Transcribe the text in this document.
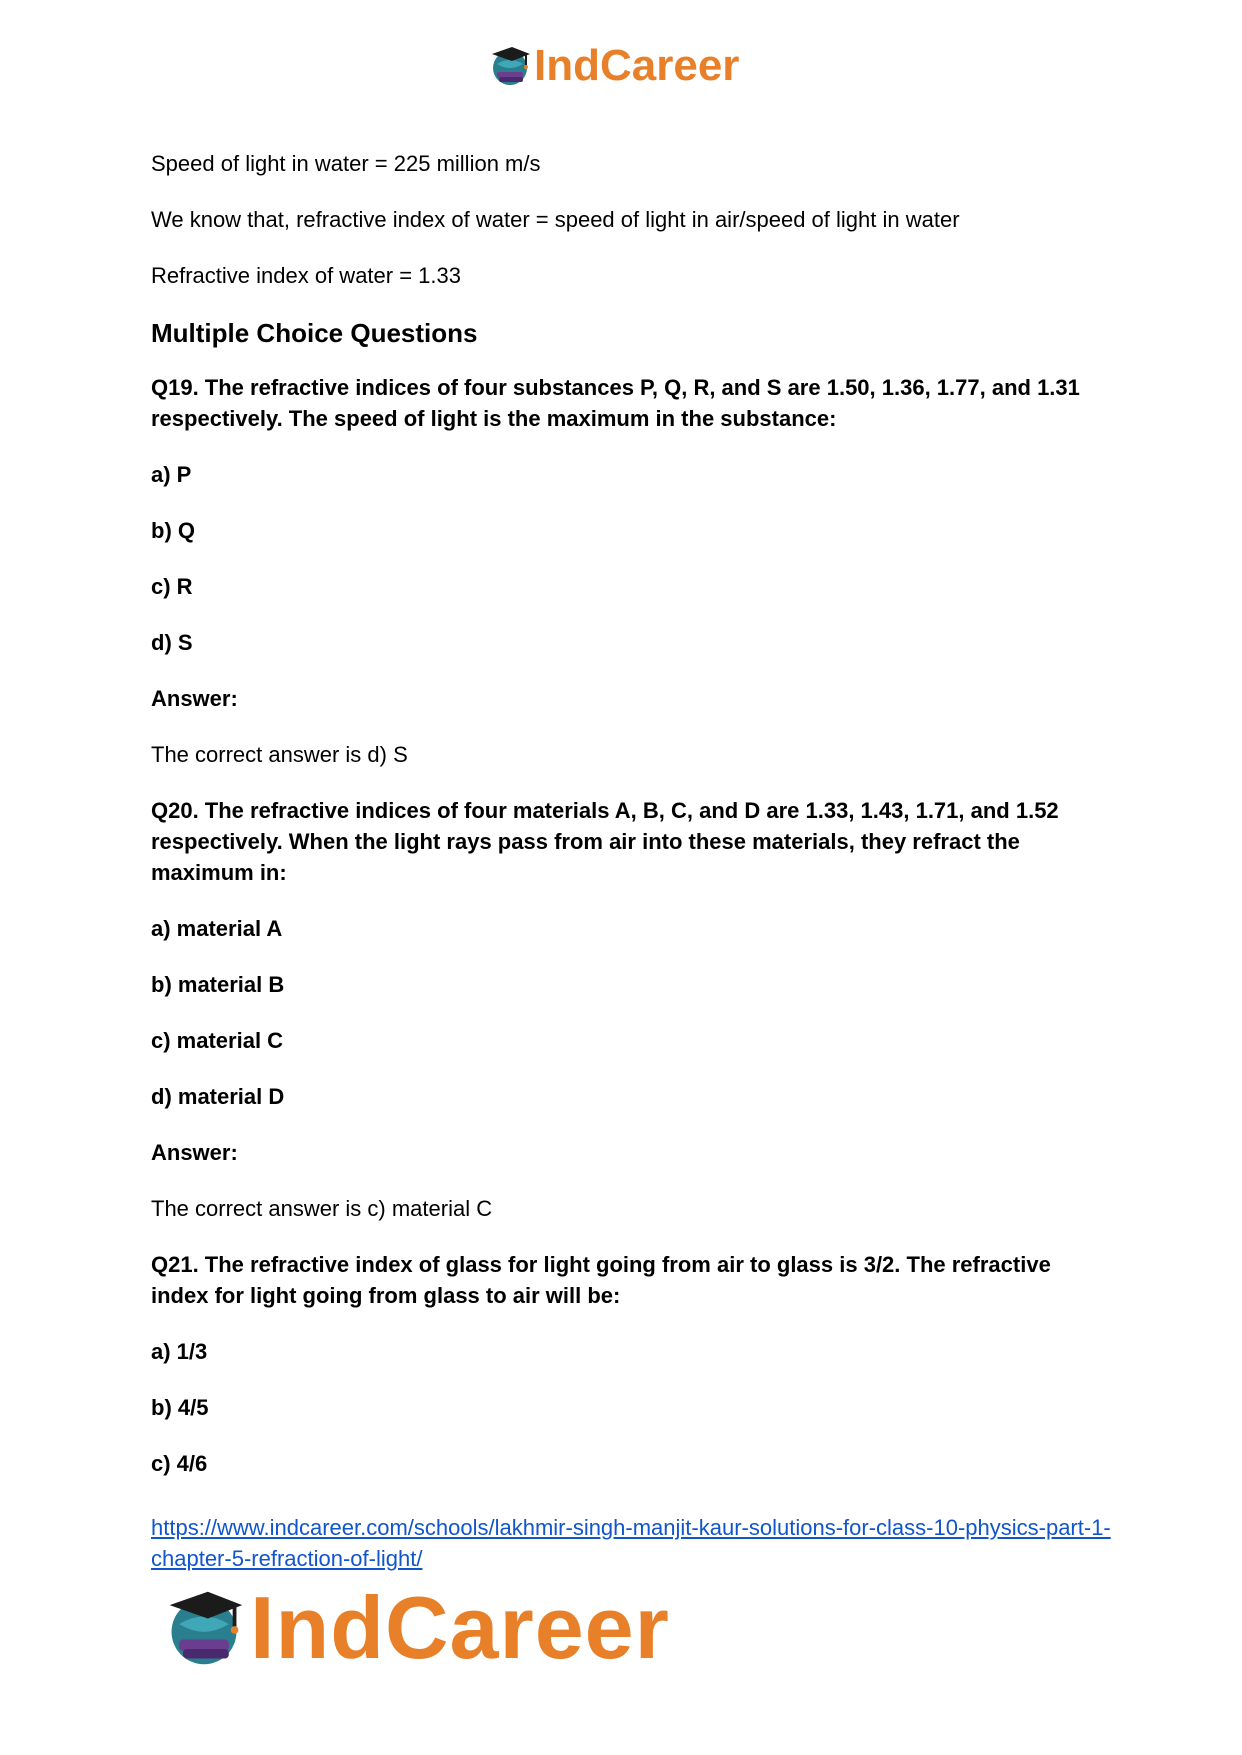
IndCareer

Speed of light in water = 225 million m/s

We know that, refractive index of water = speed of light in air/speed of light in water

Refractive index of water = 1.33

Multiple Choice Questions

Q19. The refractive indices of four substances P, Q, R, and S are 1.50, 1.36, 1.77, and 1.31 respectively. The speed of light is the maximum in the substance:

a) P

b) Q

c) R

d) S

Answer:

The correct answer is d) S

Q20. The refractive indices of four materials A, B, C, and D are 1.33, 1.43, 1.71, and 1.52 respectively. When the light rays pass from air into these materials, they refract the maximum in:

a) material A

b) material B

c) material C

d) material D

Answer:

The correct answer is c) material C

Q21. The refractive index of glass for light going from air to glass is 3/2. The refractive index for light going from glass to air will be:

a) 1/3

b) 4/5

c) 4/6

https://www.indcareer.com/schools/lakhmir-singh-manjit-kaur-solutions-for-class-10-physics-part-1-chapter-5-refraction-of-light/
IndCareer
